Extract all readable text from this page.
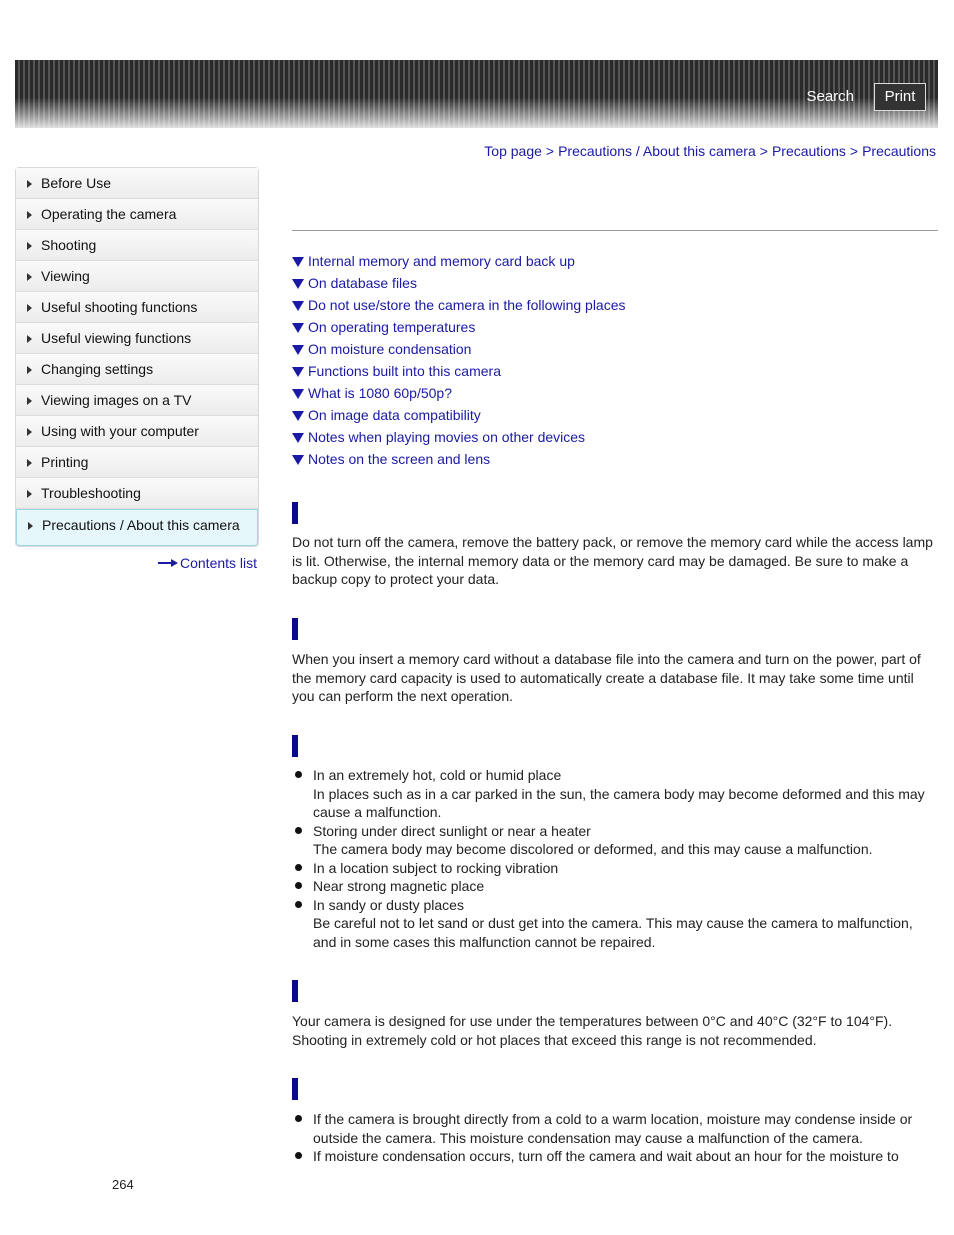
Search	Print
Top page > Precautions / About this camera > Precautions > Precautions
Before Use
Operating the camera
Shooting
Viewing
Useful shooting functions
Useful viewing functions
Changing settings
Viewing images on a TV
Using with your computer
Printing
Troubleshooting
Precautions / About this camera
Contents list
Internal memory and memory card back up
On database files
Do not use/store the camera in the following places
On operating temperatures
On moisture condensation
Functions built into this camera
What is 1080 60p/50p?
On image data compatibility
Notes when playing movies on other devices
Notes on the screen and lens
Do not turn off the camera, remove the battery pack, or remove the memory card while the access lamp is lit. Otherwise, the internal memory data or the memory card may be damaged. Be sure to make a backup copy to protect your data.
When you insert a memory card without a database file into the camera and turn on the power, part of the memory card capacity is used to automatically create a database file. It may take some time until you can perform the next operation.
In an extremely hot, cold or humid place
In places such as in a car parked in the sun, the camera body may become deformed and this may cause a malfunction.
Storing under direct sunlight or near a heater
The camera body may become discolored or deformed, and this may cause a malfunction.
In a location subject to rocking vibration
Near strong magnetic place
In sandy or dusty places
Be careful not to let sand or dust get into the camera. This may cause the camera to malfunction, and in some cases this malfunction cannot be repaired.
Your camera is designed for use under the temperatures between 0°C and 40°C (32°F to 104°F). Shooting in extremely cold or hot places that exceed this range is not recommended.
If the camera is brought directly from a cold to a warm location, moisture may condense inside or outside the camera. This moisture condensation may cause a malfunction of the camera.
If moisture condensation occurs, turn off the camera and wait about an hour for the moisture to
264
